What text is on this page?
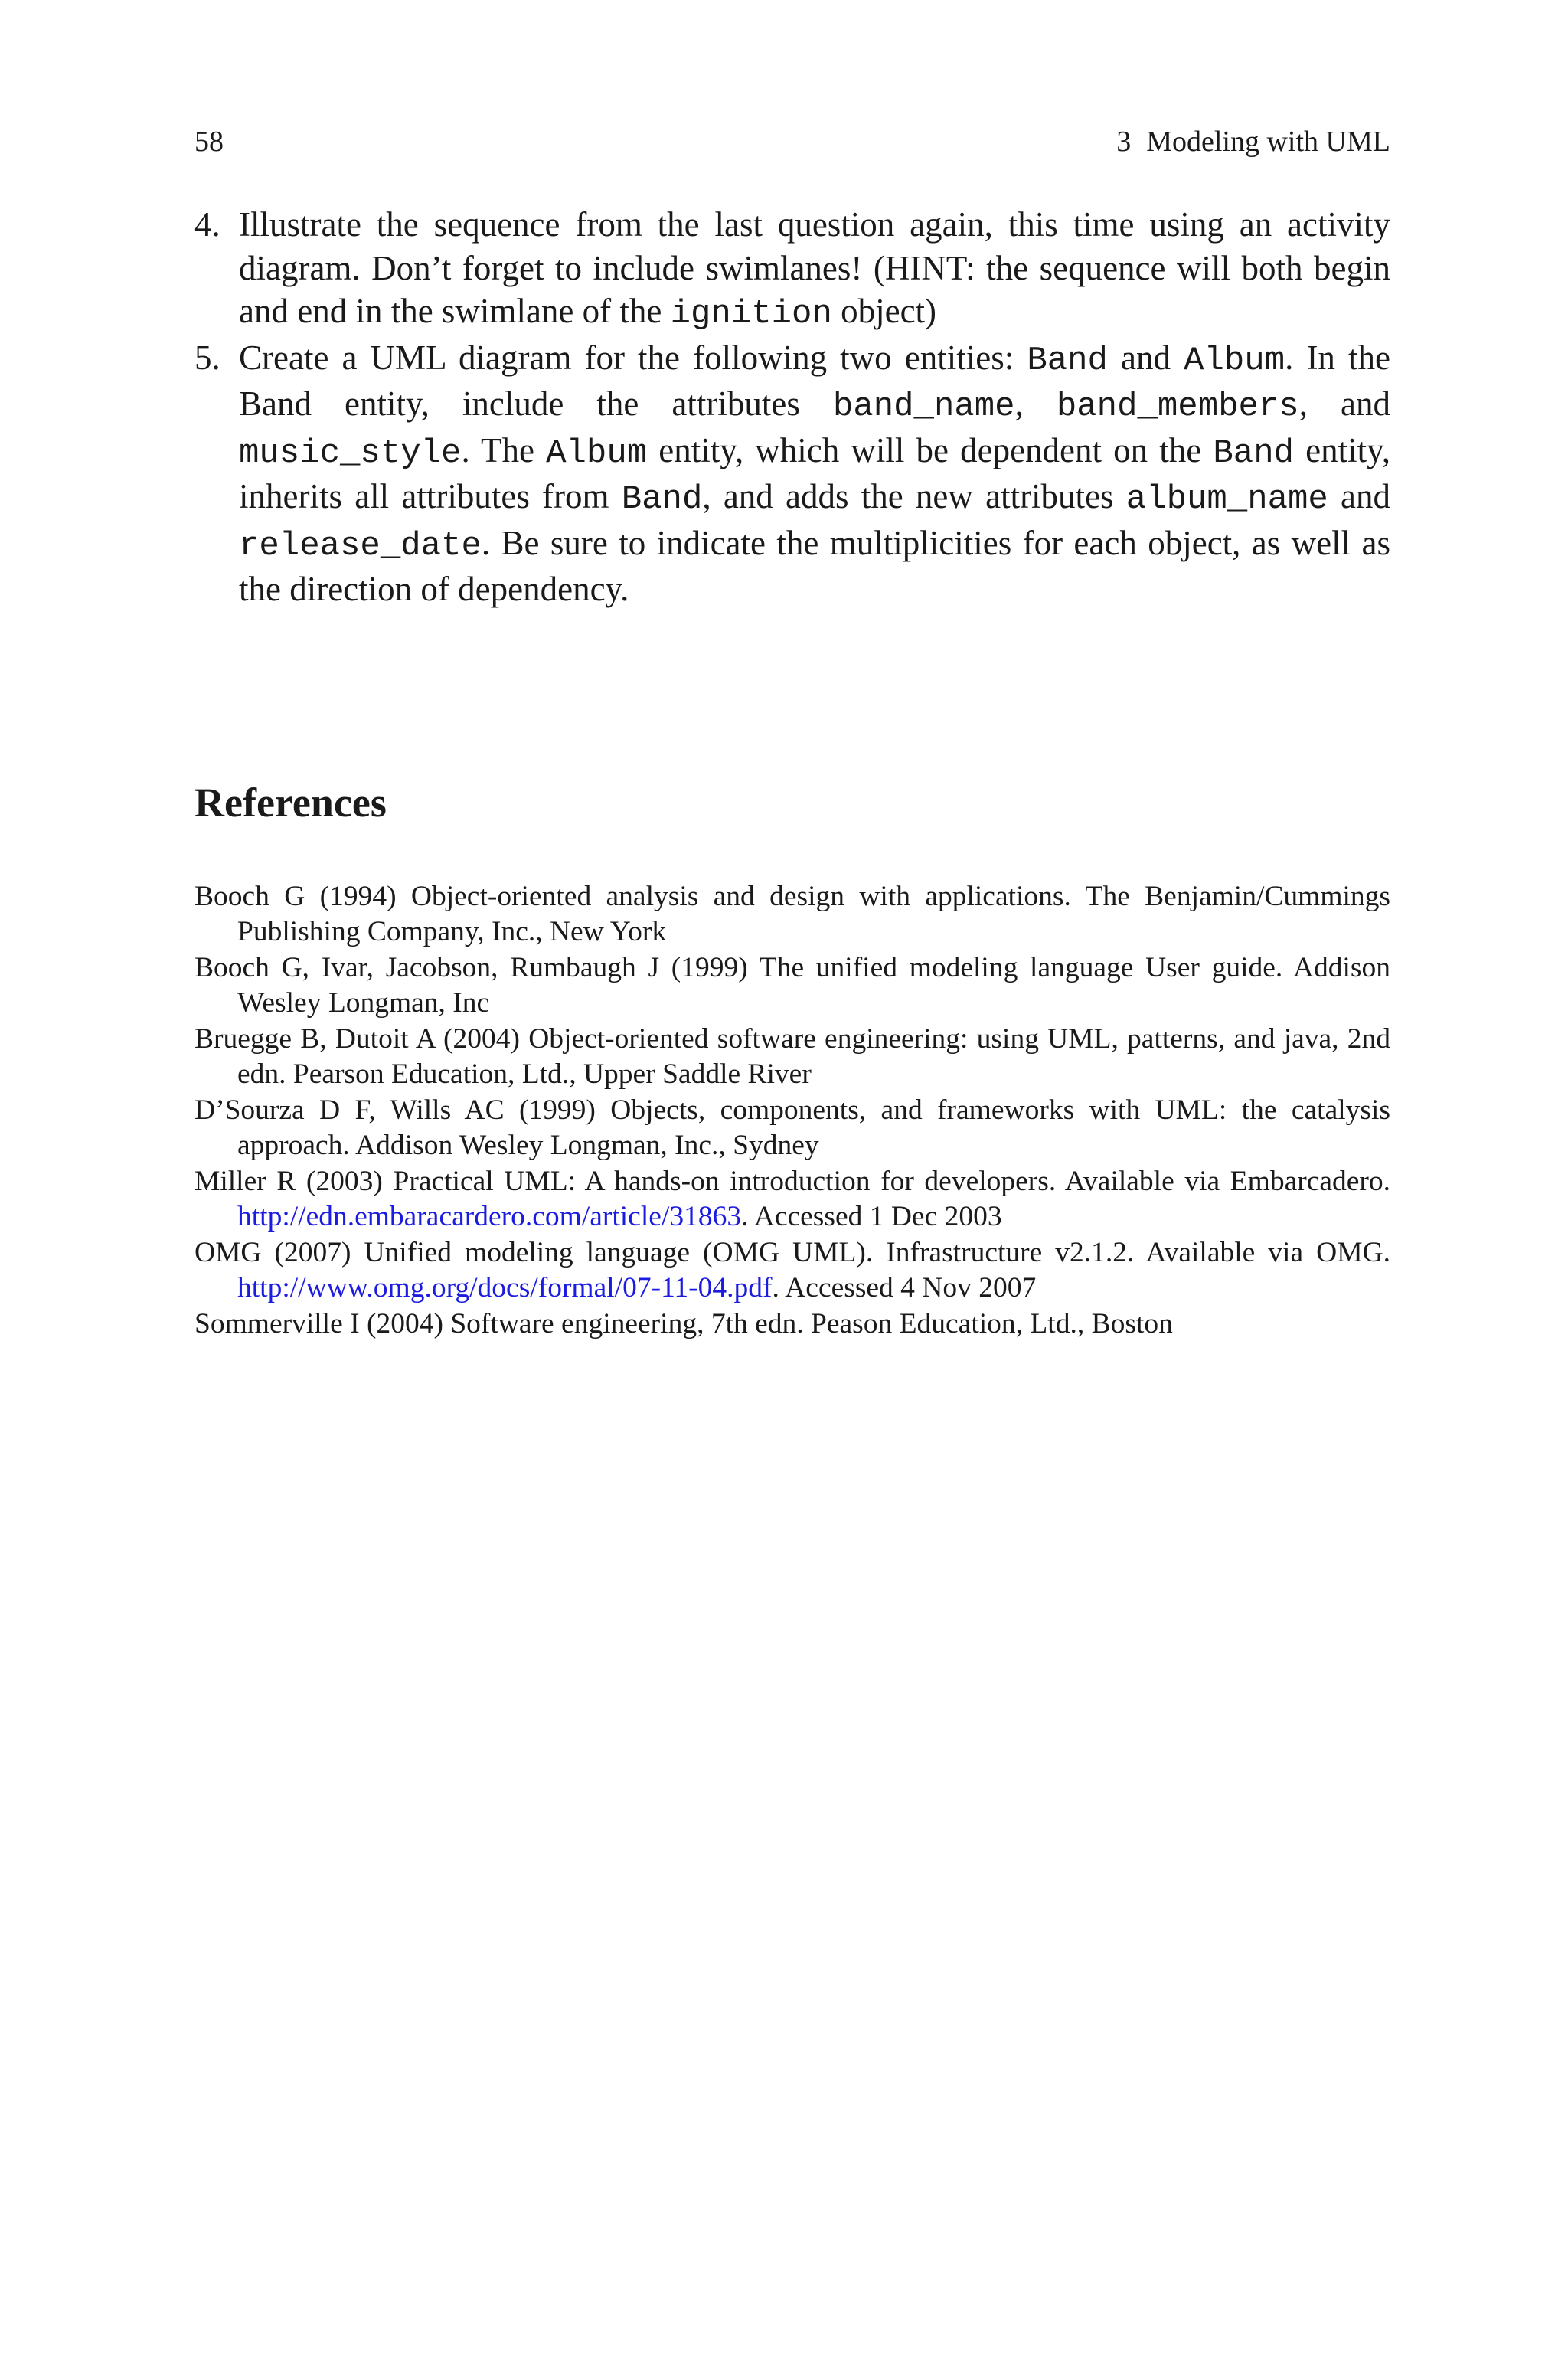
58	3 Modeling with UML
4. Illustrate the sequence from the last question again, this time using an activity diagram. Don’t forget to include swimlanes! (HINT: the sequence will both begin and end in the swimlane of the ignition object)
5. Create a UML diagram for the following two entities: Band and Album. In the Band entity, include the attributes band_name, band_members, and music_style. The Album entity, which will be dependent on the Band entity, inherits all attributes from Band, and adds the new attributes album_name and release_date. Be sure to indicate the multiplicities for each object, as well as the direction of dependency.
References
Booch G (1994) Object-oriented analysis and design with applications. The Benjamin/Cummings Publishing Company, Inc., New York
Booch G, Ivar, Jacobson, Rumbaugh J (1999) The unified modeling language User guide. Addison Wesley Longman, Inc
Bruegge B, Dutoit A (2004) Object-oriented software engineering: using UML, patterns, and java, 2nd edn. Pearson Education, Ltd., Upper Saddle River
D’Sourza D F, Wills AC (1999) Objects, components, and frameworks with UML: the catalysis approach. Addison Wesley Longman, Inc., Sydney
Miller R (2003) Practical UML: A hands-on introduction for developers. Available via Embarcadero. http://edn.embaracardero.com/article/31863. Accessed 1 Dec 2003
OMG (2007) Unified modeling language (OMG UML). Infrastructure v2.1.2. Available via OMG. http://www.omg.org/docs/formal/07-11-04.pdf. Accessed 4 Nov 2007
Sommerville I (2004) Software engineering, 7th edn. Peason Education, Ltd., Boston
